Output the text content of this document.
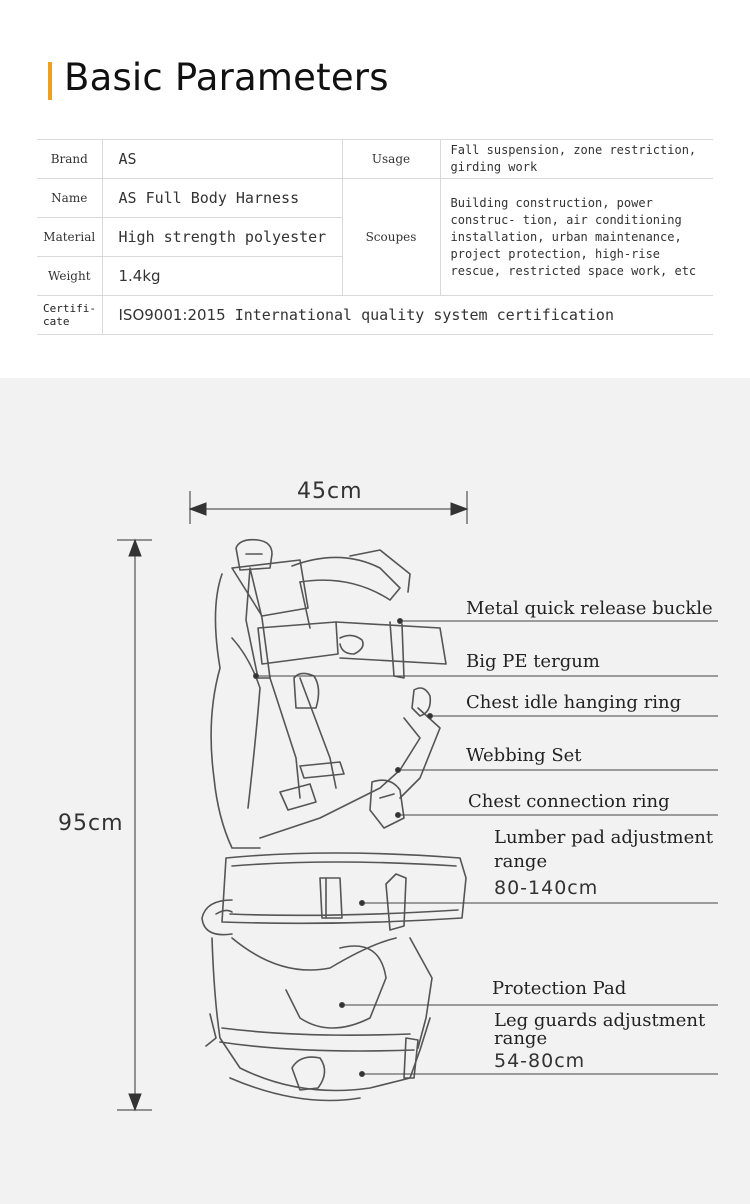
Basic Parameters
Brand	AS	Usage	Fall suspension, zone restriction, girding work
Name	AS Full Body Harness	Scoupes	Building construction, power construc- tion, air conditioning installation, urban maintenance, project protection, high-rise rescue, restricted space work, etc
Material	High strength polyester		
Weight	1.4kg		
Certifi- cate	ISO9001:2015 International quality system certification		
45cm
95cm
Metal quick release buckle
Big PE tergum
Chest idle hanging ring
Webbing Set
Chest connection ring
Lumber pad adjustment
range
80-140cm
Protection Pad
Leg guards adjustment
range
54-80cm
